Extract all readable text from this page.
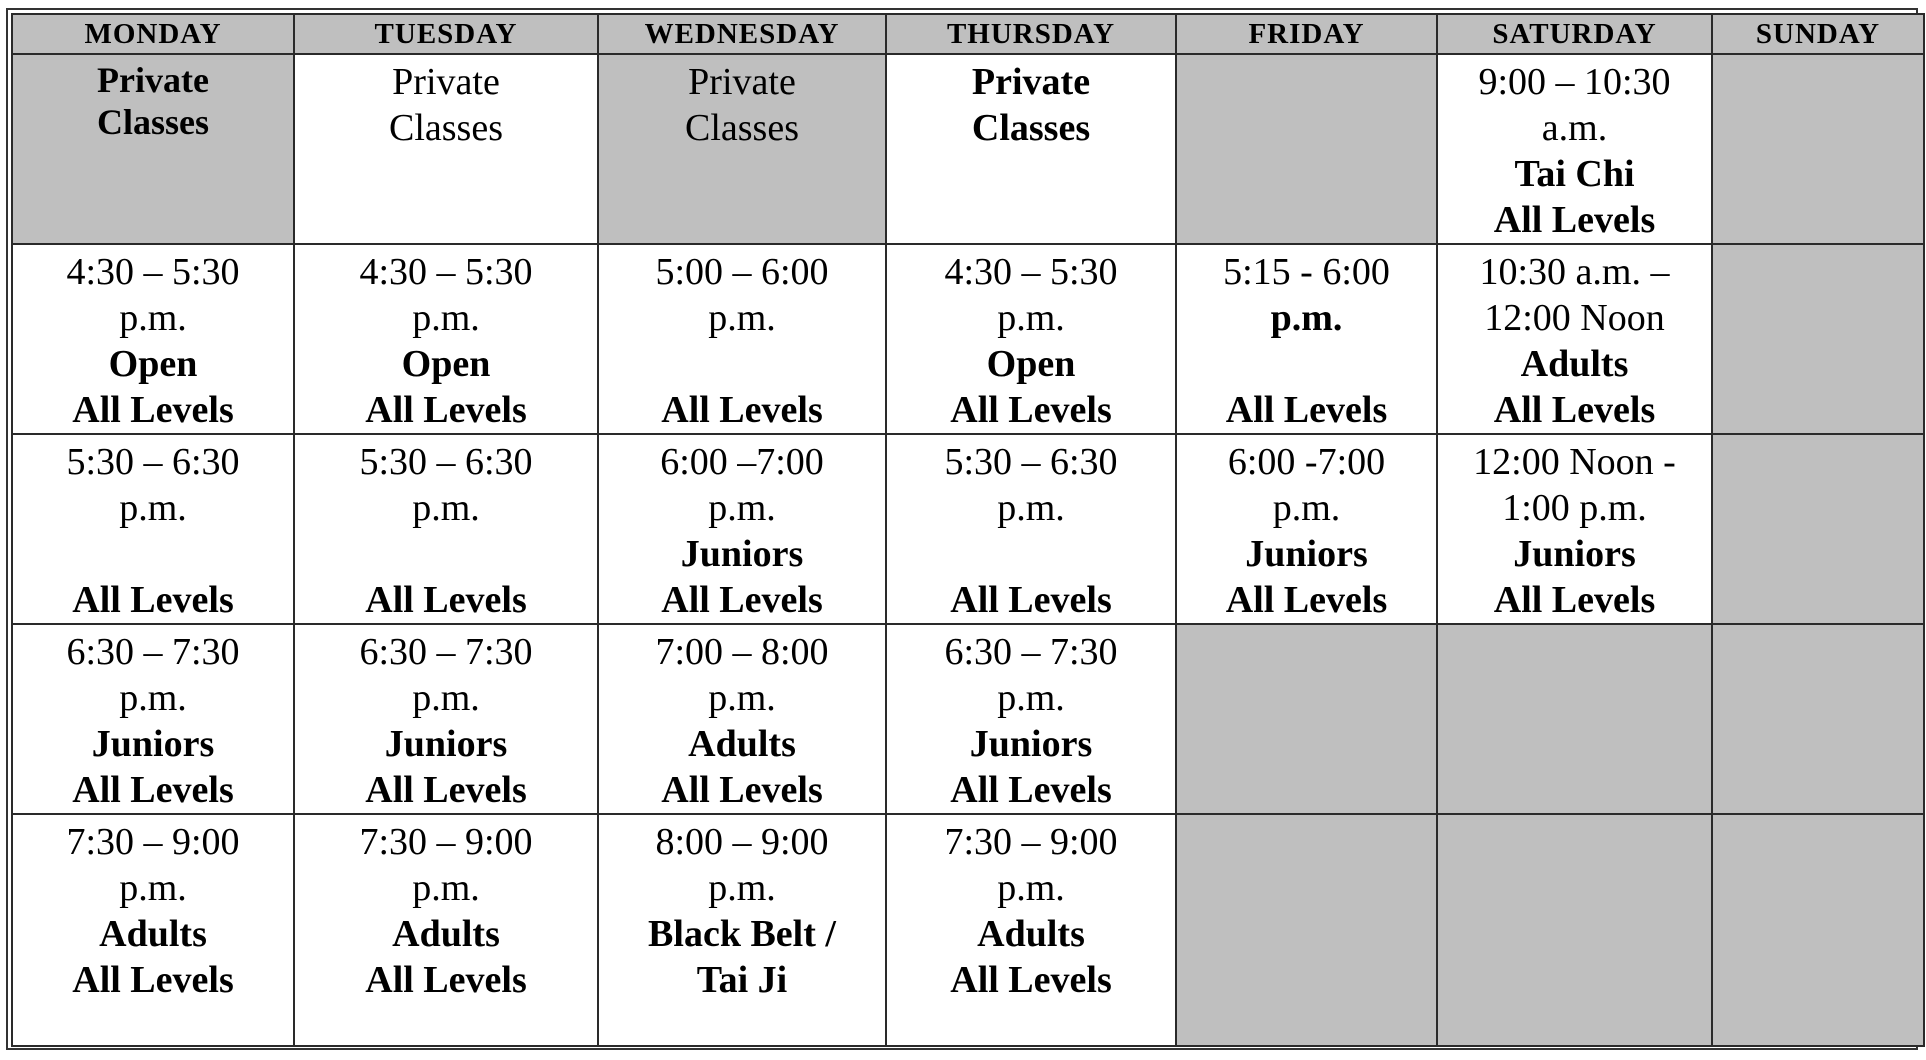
MONDAY	TUESDAY	WEDNESDAY	THURSDAY	FRIDAY	SATURDAY	SUNDAY

Private
Classes	Private
Classes	Private
Classes	Private
Classes		9:00 – 10:30
a.m.
Tai Chi
All Levels	

4:30 – 5:30
p.m.
Open
All Levels	4:30 – 5:30
p.m.
Open
All Levels	5:00 – 6:00
p.m.
All Levels	4:30 – 5:30
p.m.
Open
All Levels	5:15 - 6:00
p.m.
All Levels	10:30 a.m. –
12:00 Noon
Adults
All Levels	

5:30 – 6:30
p.m.
All Levels	5:30 – 6:30
p.m.
All Levels	6:00 –7:00
p.m.
Juniors
All Levels	5:30 – 6:30
p.m.
All Levels	6:00 -7:00
p.m.
Juniors
All Levels	12:00 Noon -
1:00 p.m.
Juniors
All Levels	

6:30 – 7:30
p.m.
Juniors
All Levels	6:30 – 7:30
p.m.
Juniors
All Levels	7:00 – 8:00
p.m.
Adults
All Levels	6:30 – 7:30
p.m.
Juniors
All Levels			

7:30 – 9:00
p.m.
Adults
All Levels	7:30 – 9:00
p.m.
Adults
All Levels	8:00 – 9:00
p.m.
Black Belt /
Tai Ji	7:30 – 9:00
p.m.
Adults
All Levels			
